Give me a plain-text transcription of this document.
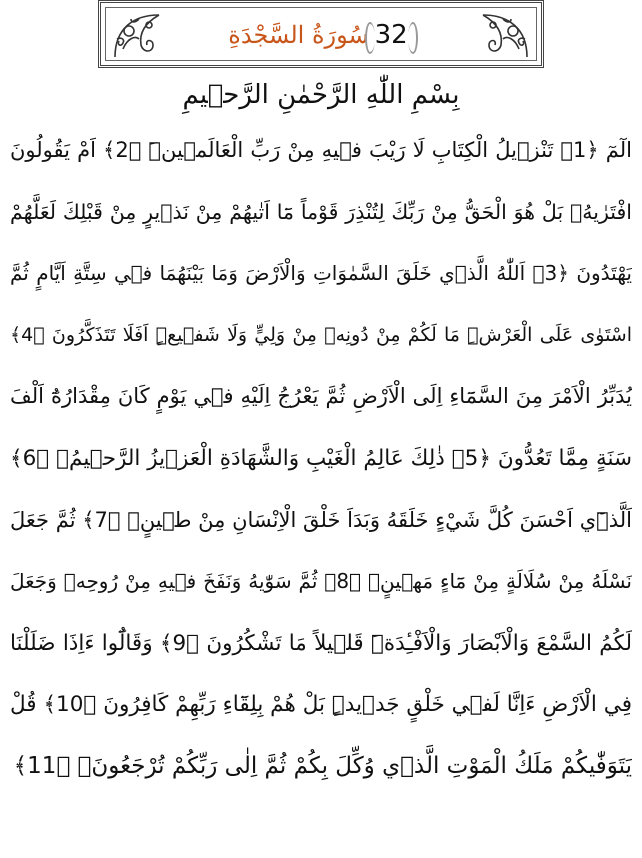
32
سُورَةُ السَّجْدَةِ
بِسْمِ اللّٰهِ الرَّحْمٰنِ الرَّح۪يمِ
الٓمٓ ﴿1﴾ تَنْز۪يلُ الْكِتَابِ لَا رَيْبَ ف۪يهِ مِنْ رَبِّ الْعَالَم۪ينَۜ ﴿2﴾ اَمْ يَقُولُونَ
افْتَرٰيهُۚ بَلْ هُوَ الْحَقُّ مِنْ رَبِّكَ لِتُنْذِرَ قَوْماً مَٓا اَتٰيهُمْ مِنْ نَذ۪يرٍ مِنْ قَبْلِكَ لَعَلَّهُمْ
يَهْتَدُونَ ﴿3﴾ اَللّٰهُ الَّذ۪ي خَلَقَ السَّمٰوَاتِ وَالْاَرْضَ وَمَا بَيْنَهُمَا ف۪ي سِتَّةِ اَيَّامٍ ثُمَّ
اسْتَوٰى عَلَى الْعَرْشِۜ مَا لَكُمْ مِنْ دُونِه۪ مِنْ وَلِيٍّ وَلَا شَف۪يعٍۜ اَفَلَا تَتَذَكَّرُونَ ﴿4﴾
يُدَبِّرُ الْاَمْرَ مِنَ السَّمَٓاءِ اِلَى الْاَرْضِ ثُمَّ يَعْرُجُ اِلَيْهِ ف۪ي يَوْمٍ كَانَ مِقْدَارُهُٓ اَلْفَ
سَنَةٍ مِمَّا تَعُدُّونَ ﴿5﴾ ذٰلِكَ عَالِمُ الْغَيْبِ وَالشَّهَادَةِ الْعَز۪يزُ الرَّح۪يمُۙ ﴿6﴾
اَلَّذ۪ٓي اَحْسَنَ كُلَّ شَيْءٍ خَلَقَهُ وَبَدَاَ خَلْقَ الْاِنْسَانِ مِنْ ط۪ينٍۚ ﴿7﴾ ثُمَّ جَعَلَ
نَسْلَهُ مِنْ سُلَالَةٍ مِنْ مَٓاءٍ مَه۪ينٍۚ ﴿8﴾ ثُمَّ سَوّٰيهُ وَنَفَخَ ف۪يهِ مِنْ رُوحِه۪ وَجَعَلَ
لَكُمُ السَّمْعَ وَالْاَبْصَارَ وَالْاَفْـِٔدَةَۜ قَل۪يلاً مَا تَشْكُرُونَ ﴿9﴾ وَقَالُٓوا ءَاِذَا ضَلَلْنَا
فِي الْاَرْضِ ءَاِنَّا لَف۪ي خَلْقٍ جَد۪يدٍۜ بَلْ هُمْ بِلِقَٓاءِ رَبِّهِمْ كَافِرُونَ ﴿10﴾ قُلْ
يَتَوَفّٰيكُمْ مَلَكُ الْمَوْتِ الَّذ۪ي وُكِّلَ بِكُمْ ثُمَّ اِلٰى رَبِّكُمْ تُرْجَعُونَ۟ ﴿11﴾
